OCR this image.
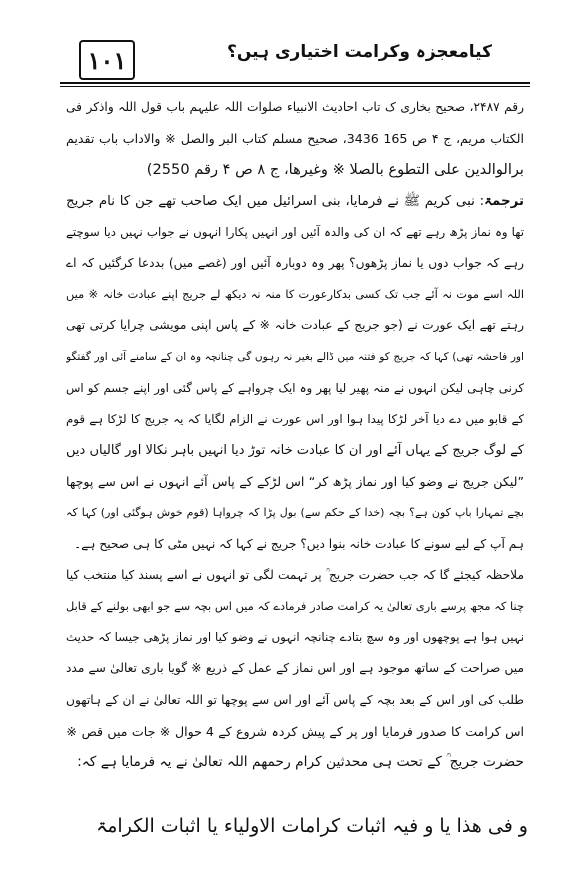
١٠١	کیامعجزہ وکرامت اختیاری ہیں؟
رقم ۲۴۸۷، صحیح بخاری ک تاب احادیث الانبیاء صلوات اللہ علیہم باب قول اللہ واذکر فی
الکتاب مریم، ج ۴ ص 165 3436، صحیح مسلم کتاب البر والصل ※ والاداب باب تقدیم
برالوالدین علی التطوع بالصلا ※ وغیرھا، ج ۸ ص ۴ رقم 2550)
ترجمۃ: نبی کریم ﷺ نے فرمایا، بنی اسرائیل میں ایک صاحب تھے جن کا نام جریج
تھا وہ نماز پڑھ رہے تھے کہ ان کی والدہ آئیں اور انہیں پکارا انہوں نے جواب نہیں دیا سوچتے
رہے کہ جواب دوں یا نماز پڑھوں؟ پھر وہ دوبارہ آئیں اور (غصے میں) بددعا کرگئیں کہ اے
اللہ اسے موت نہ آئے جب تک کسی بدکارعورت کا منہ نہ دیکھ لے جریج اپنے عبادت خانہ ※ میں
رہتے تھے ایک عورت نے (جو جریج کے عبادت خانہ ※ کے پاس اپنی مویشی چرایا کرتی تھی
اور فاحشہ تھی) کہا کہ جریج کو فتنہ میں ڈالے بغیر نہ رہوں گی چنانچہ وہ ان کے سامنے آئی اور گفتگو
کرنی چاہی لیکن انہوں نے منہ پھیر لیا پھر وہ ایک چرواہے کے پاس گئی اور اپنے جسم کو اس
کے قابو میں دے دیا آخر لڑکا پیدا ہوا اور اس عورت نے الزام لگایا کہ یہ جریج کا لڑکا ہے قوم
کے لوگ جریج کے یہاں آئے اور ان کا عبادت خانہ توڑ دیا انہیں باہر نکالا اور گالیاں دیں
”لیکن جریج نے وضو کیا اور نماز پڑھ کر“ اس لڑکے کے پاس آئے انہوں نے اس سے پوچھا
بچے تمہارا باپ کون ہے؟ بچہ (خدا کے حکم سے) بول پڑا کہ چرواہا (قوم خوش ہوگئی اور) کہا کہ
ہم آپ کے لیے سونے کا عبادت خانہ بنوا دیں؟ جریج نے کہا کہ نہیں مٹی کا ہی صحیح ہے۔
ملاحظہ کیجئے گا کہ جب حضرت جریج ؒ پر تہمت لگی تو انہوں نے اسے پسند کیا منتخب کیا
چنا کہ مجھ پرسے باری تعالیٰ یہ کرامت صادر فرمادے کہ میں اس بچہ سے جو ابھی بولنے کے قابل
نہیں ہوا ہے پوچھوں اور وہ سچ بتادے چنانچہ انہوں نے وضو کیا اور نماز پڑھی جیسا کہ حدیث
میں صراحت کے ساتھ موجود ہے اور اس نماز کے عمل کے ذریع ※ گویا باری تعالیٰ سے مدد
طلب کی اور اس کے بعد بچہ کے پاس آئے اور اس سے پوچھا تو اللہ تعالیٰ نے ان کے ہاتھوں
اس کرامت کا صدور فرمایا اور پر کے پیش کردہ شروع کے 4 حوال ※ جات میں قص ※
حضرت جریج ؒ کے تحت ہی محدثین کرام رحمھم اللہ تعالیٰ نے یہ فرمایا ہے کہ:
و فی ھذا یا و فیہ اثبات کرامات الاولیاء یا اثبات الکرامۃ
